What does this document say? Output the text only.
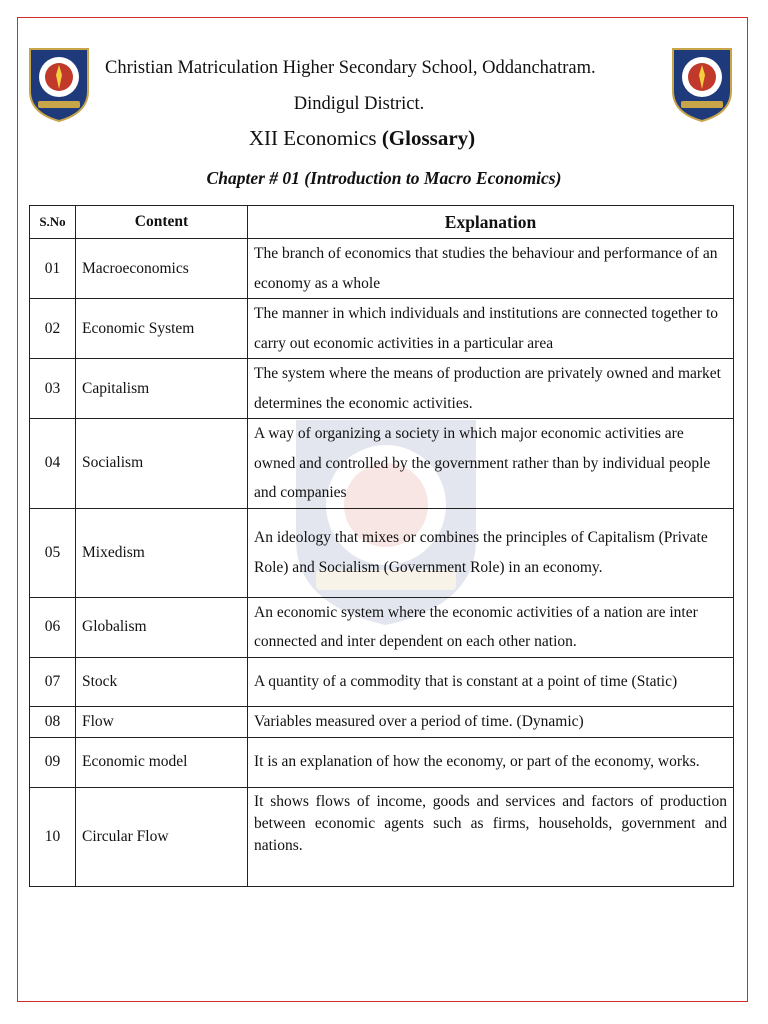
Christian Matriculation Higher Secondary School, Oddanchatram.
Dindigul District.
XII Economics (Glossary)
Chapter # 01 (Introduction to Macro Economics)
S.No	Content	Explanation
01	Macroeconomics	The branch of economics that studies the behaviour and performance of an economy as a whole
02	Economic System	The manner in which individuals and institutions are connected together to carry out economic activities in a particular area
03	Capitalism	The system where the means of production are privately owned and market determines the economic activities.
04	Socialism	A way of organizing a society in which major economic activities are owned and controlled by the government rather than by individual people and companies
05	Mixedism	An ideology that mixes or combines the principles of Capitalism (Private Role) and Socialism (Government Role) in an economy.
06	Globalism	An economic system where the economic activities of a nation are inter connected and inter dependent on each other nation.
07	Stock	A quantity of a commodity that is constant at a point of time (Static)
08	Flow	Variables measured over a period of time. (Dynamic)
09	Economic model	It is an explanation of how the economy, or part of the economy, works.
10	Circular Flow	It shows flows of income, goods and services and factors of production between economic agents such as firms, households, government and nations.
